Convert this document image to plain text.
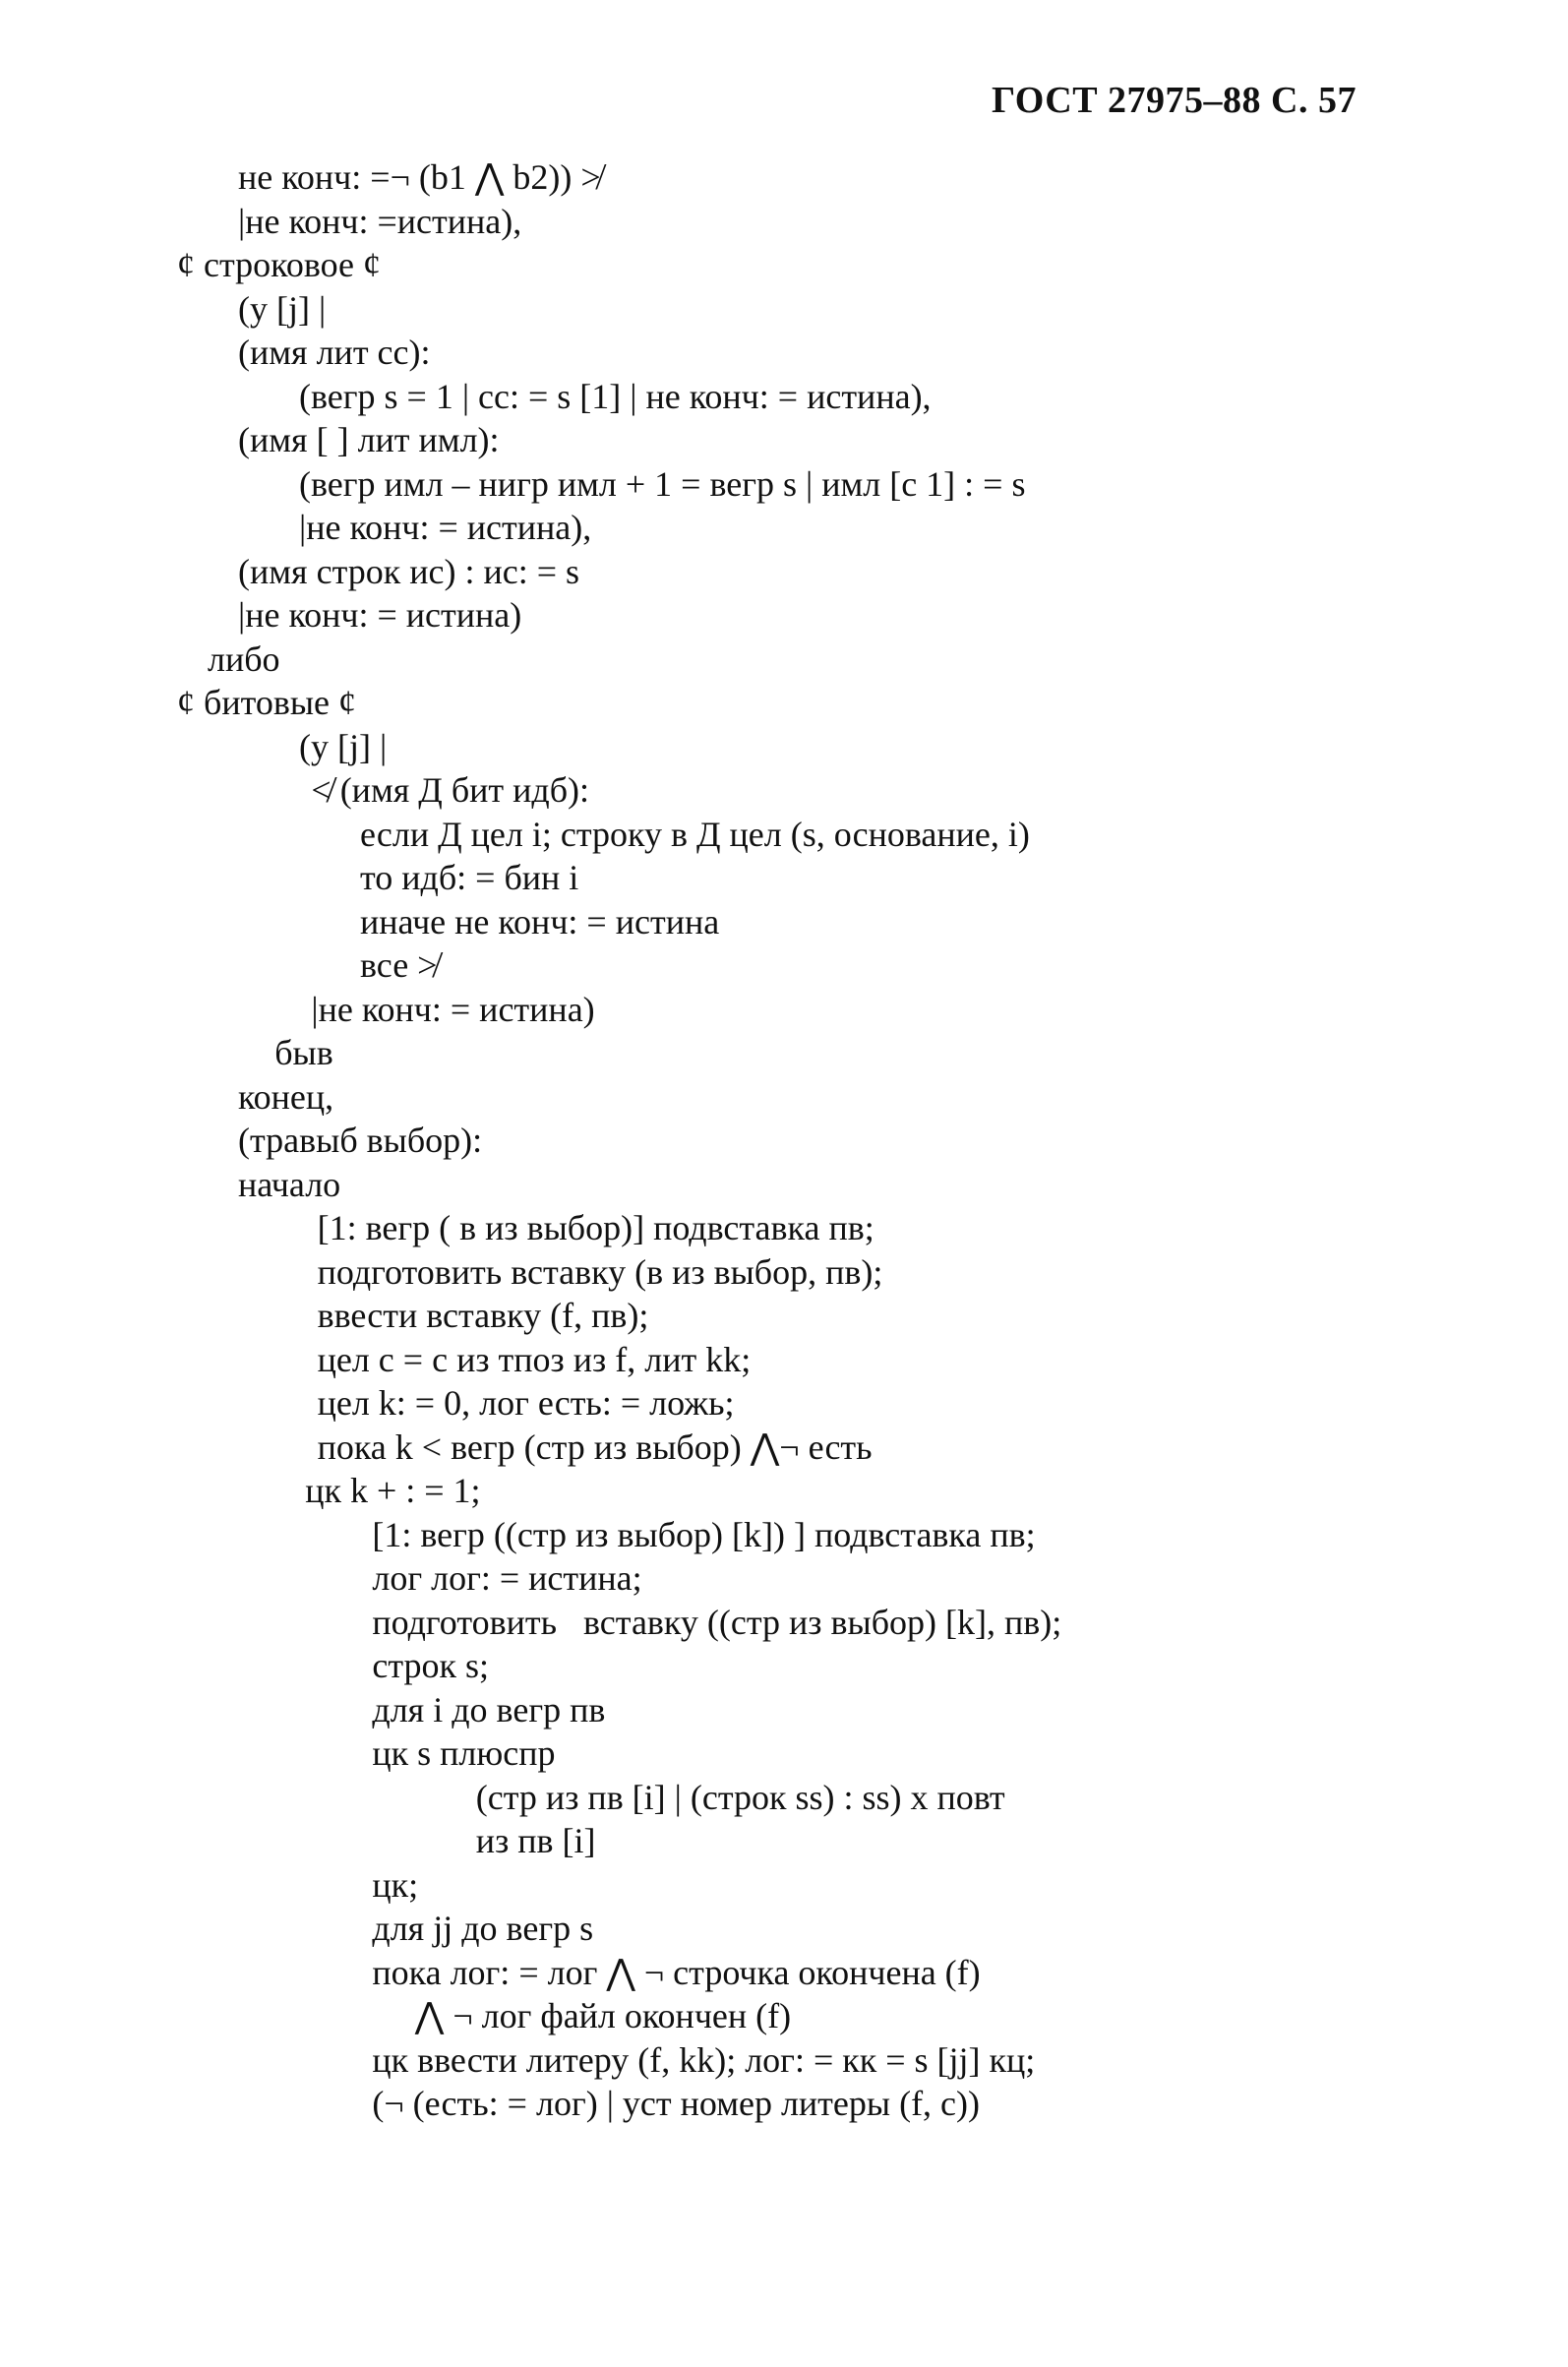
ГОСТ 27975–88 С. 57
не конч: =¬ (b1 ⋀ b2)) ≯
|не конч: =истина),
¢ строковое ¢
(у [j] |
(имя лит cc):
(вегр s = 1 | cc: = s [1] | не конч: = истина),
(имя [ ] лит имл):
(вегр имл – нигр имл + 1 = вегр s | имл [c 1] : = s
|не конч: = истина),
(имя строк ис) : ис: = s
|не конч: = истина)
либо
¢ битовые ¢
(у [j] |
≮ (имя Д бит идб):
если Д цел i; строку в Д цел (s, основание, i)
то идб: = бин i
иначе не конч: = истина
все ≯
|не конч: = истина)
быв
конец,
(травыб выбор):
начало
[1: вегр ( в из выбор)] подвставка пв;
подготовить вставку (в из выбор, пв);
ввести вставку (f, пв);
цел c = c из тпоз из f, лит kk;
цел k: = 0, лог есть: = ложь;
пока k < вегр (стр из выбор) ⋀¬ есть
цк k + : = 1;
[1: вегр ((стр из выбор) [k]) ] подвставка пв;
лог лог: = истина;
подготовить   вставку ((стр из выбор) [k], пв);
строк s;
для i до вегр пв
цк s плюспр
(стр из пв [i] | (строк ss) : ss) x повт
из пв [i]
цк;
для jj до вегр s
пока лог: = лог ⋀ ¬ строчка окончена (f)
⋀ ¬ лог файл окончен (f)
цк ввести литеру (f, kk); лог: = кк = s [jj] кц;
(¬ (есть: = лог) | уст номер литеры (f, c))
